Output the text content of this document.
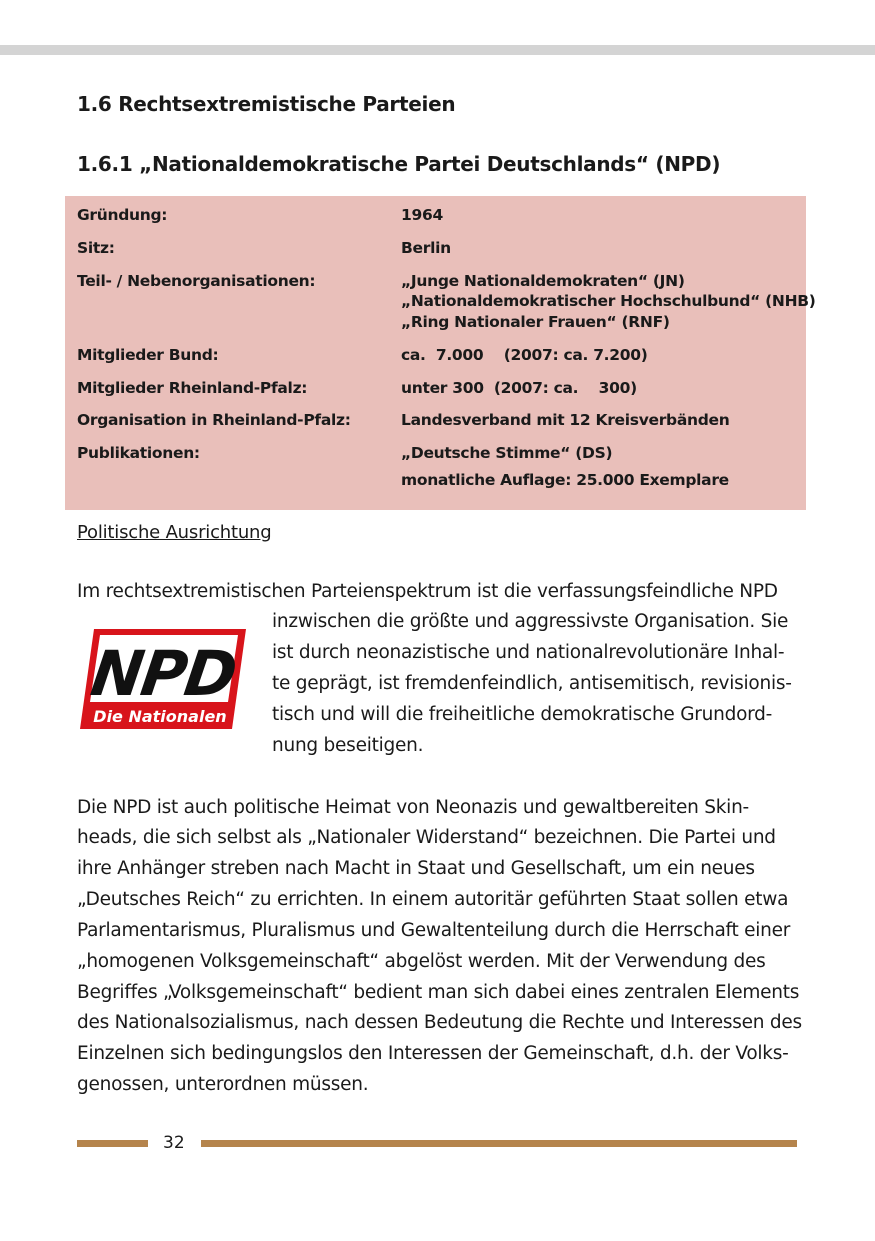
1.6 Rechtsextremistische Parteien
1.6.1 „Nationaldemokratische Partei Deutschlands“ (NPD)
Gründung:	1964
Sitz:	Berlin
Teil- / Nebenorganisationen:	„Junge Nationaldemokraten“ (JN)
„Nationaldemokratischer Hochschulbund“ (NHB)
„Ring Nationaler Frauen“ (RNF)
Mitglieder Bund:	ca.  7.000    (2007: ca. 7.200)
Mitglieder Rheinland-Pfalz:	unter 300  (2007: ca.    300)
Organisation in Rheinland-Pfalz:	Landesverband mit 12 Kreisverbänden
Publikationen:	„Deutsche Stimme“ (DS)
monatliche Auflage: 25.000 Exemplare
Politische Ausrichtung
Im rechtsextremistischen Parteienspektrum ist die verfassungsfeindliche NPD
inzwischen die größte und aggressivste Organisation. Sie
ist durch neonazistische und nationalrevolutionäre Inhal-
te geprägt, ist fremdenfeindlich, antisemitisch, revisionis-
tisch und will die freiheitliche demokratische Grundord-
nung beseitigen.
NPD
Die Nationalen
Die NPD ist auch politische Heimat von Neonazis und gewaltbereiten Skin-
heads, die sich selbst als „Nationaler Widerstand“ bezeichnen. Die Partei und
ihre Anhänger streben nach Macht in Staat und Gesellschaft, um ein neues
„Deutsches Reich“ zu errichten. In einem autoritär geführten Staat sollen etwa
Parlamentarismus, Pluralismus und Gewaltenteilung durch die Herrschaft einer
„homogenen Volksgemeinschaft“ abgelöst werden. Mit der Verwendung des
Begriffes „Volksgemeinschaft“ bedient man sich dabei eines zentralen Elements
des Nationalsozialismus, nach dessen Bedeutung die Rechte und Interessen des
Einzelnen sich bedingungslos den Interessen der Gemeinschaft, d.h. der Volks-
genossen, unterordnen müssen.
32
